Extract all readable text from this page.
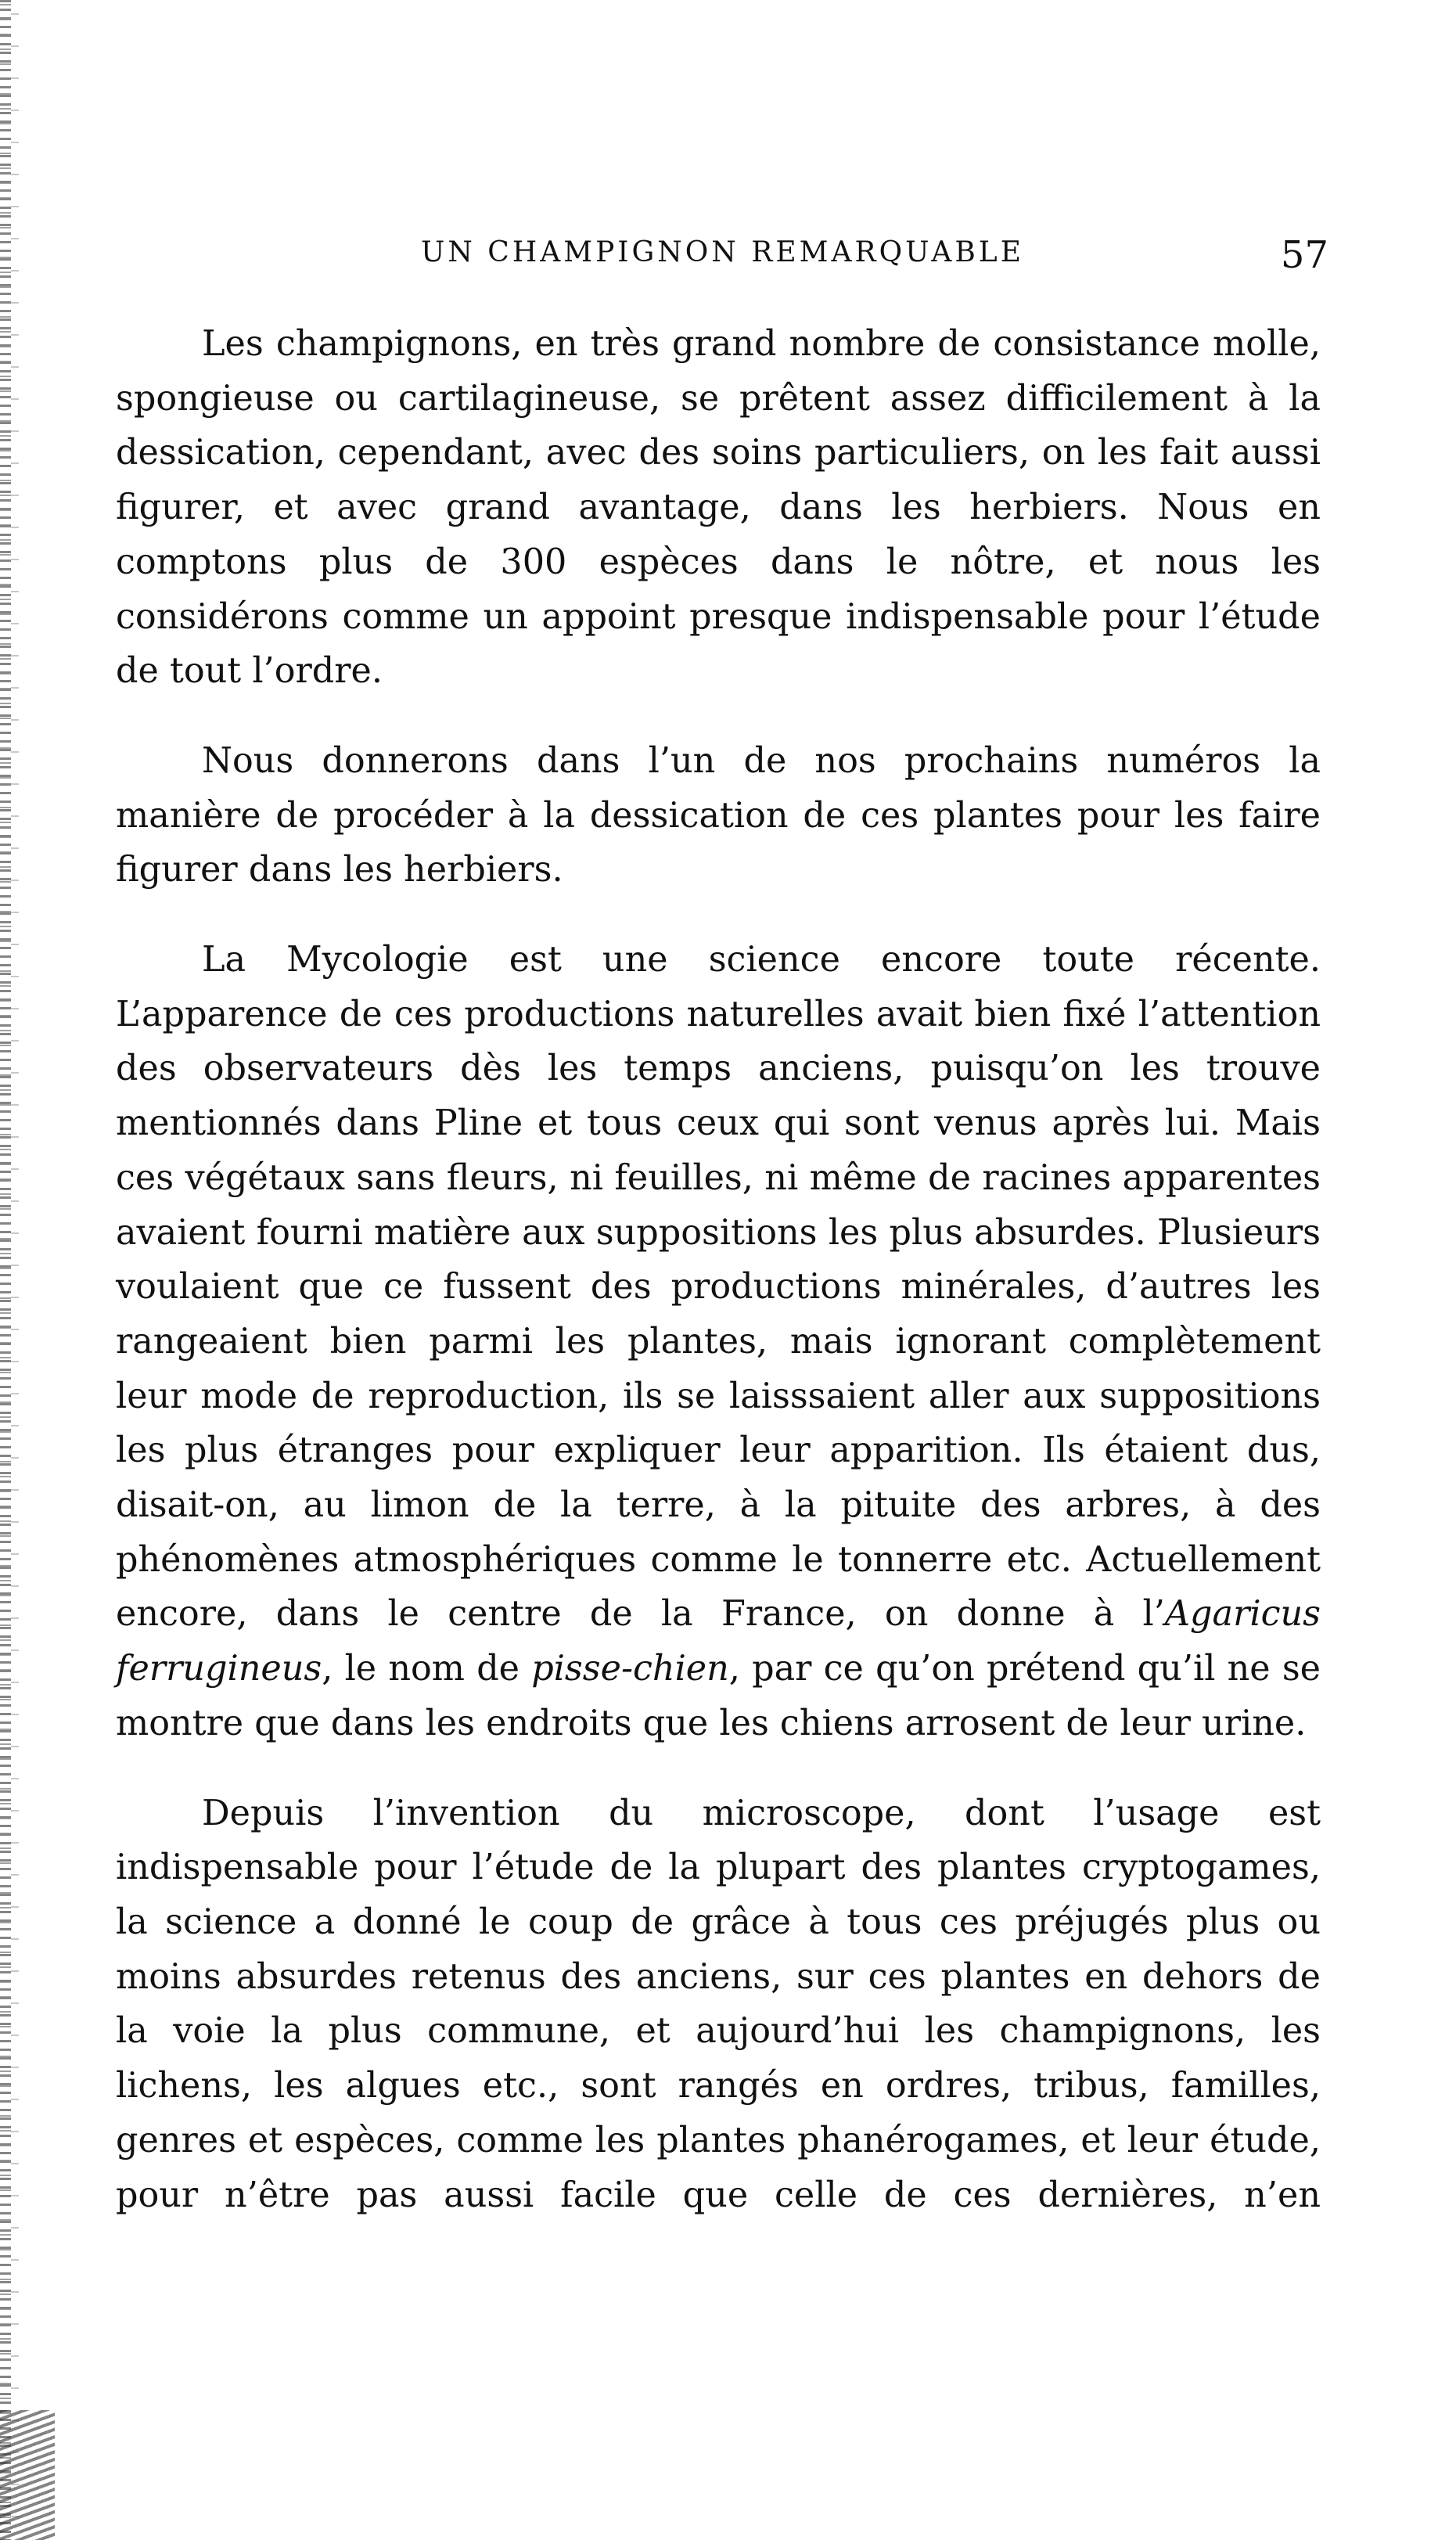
UN CHAMPIGNON REMARQUABLE	57

Les champignons, en très grand nombre de consistance molle, spongieuse ou cartilagineuse, se prêtent assez difficilement à la dessication, cependant, avec des soins particuliers, on les fait aussi figurer, et avec grand avantage, dans les herbiers. Nous en comptons plus de 300 espèces dans le nôtre, et nous les considérons comme un appoint presque indispensable pour l’étude de tout l’ordre.

Nous donnerons dans l’un de nos prochains numéros la manière de procéder à la dessication de ces plantes pour les faire figurer dans les herbiers.

La Mycologie est une science encore toute récente. L’apparence de ces productions naturelles avait bien fixé l’attention des observateurs dès les temps anciens, puisqu’on les trouve mentionnés dans Pline et tous ceux qui sont venus après lui. Mais ces végétaux sans fleurs, ni feuilles, ni même de racines apparentes avaient fourni matière aux suppositions les plus absurdes. Plusieurs voulaient que ce fussent des productions minérales, d’autres les rangeaient bien parmi les plantes, mais ignorant complètement leur mode de reproduction, ils se laisssaient aller aux suppositions les plus étranges pour expliquer leur apparition. Ils étaient dus, disait-on, au limon de la terre, à la pituite des arbres, à des phénomènes atmosphériques comme le tonnerre etc. Actuellement encore, dans le centre de la France, on donne à l’Agaricus ferrugineus, le nom de pisse-chien, par ce qu’on prétend qu’il ne se montre que dans les endroits que les chiens arrosent de leur urine.

Depuis l’invention du microscope, dont l’usage est indispensable pour l’étude de la plupart des plantes cryptogames, la science a donné le coup de grâce à tous ces préjugés plus ou moins absurdes retenus des anciens, sur ces plantes en dehors de la voie la plus commune, et aujourd’hui les champignons, les lichens, les algues etc., sont rangés en ordres, tribus, familles, genres et espèces, comme les plantes phanérogames, et leur étude, pour n’être pas aussi facile que celle de ces dernières, n’en
